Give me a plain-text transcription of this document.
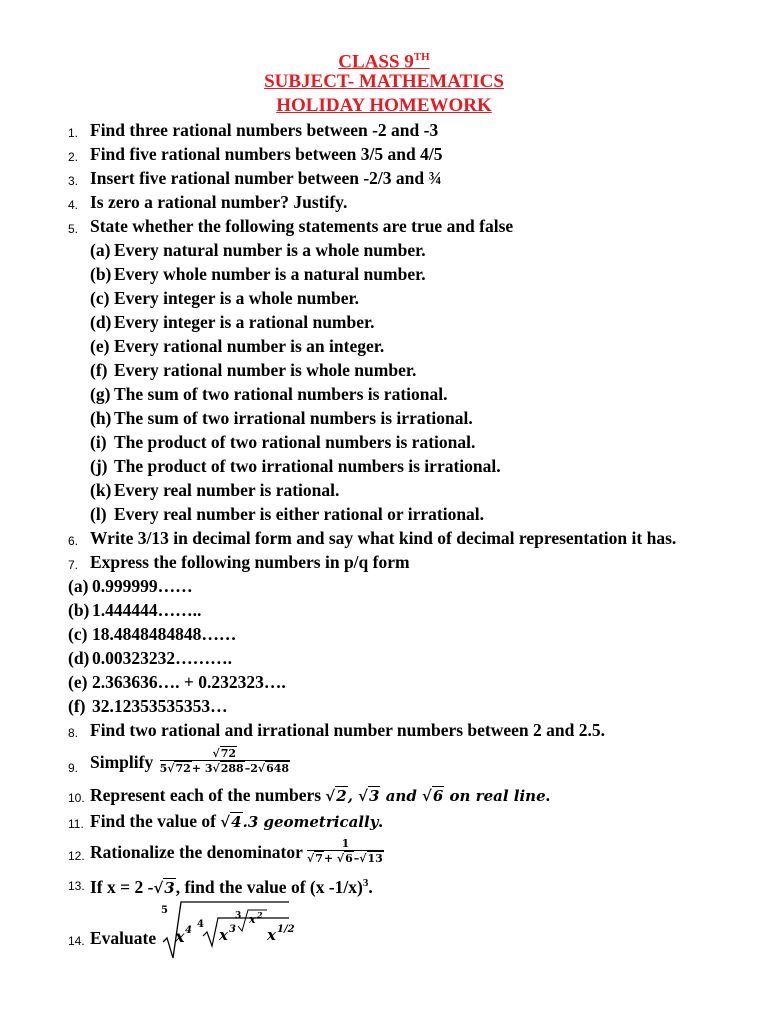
CLASS 9TH
SUBJECT- MATHEMATICS
HOLIDAY HOMEWORK
1. Find three rational numbers between -2 and -3
2. Find five rational numbers between 3/5 and 4/5
3. Insert five rational number between -2/3 and ¾
4. Is zero a rational number? Justify.
5. State whether the following statements are true and false
(a) Every natural number is a whole number.
(b) Every whole number is a natural number.
(c) Every integer is a whole number.
(d) Every integer is a rational number.
(e) Every rational number is an integer.
(f) Every rational number is whole number.
(g) The sum of two rational numbers is rational.
(h) The sum of two irrational numbers is irrational.
(i) The product of two rational numbers is rational.
(j) The product of two irrational numbers is irrational.
(k) Every real number is rational.
(l) Every real number is either rational or irrational.
6. Write 3/13 in decimal form and say what kind of decimal representation it has.
7. Express the following numbers in p/q form
(a) 0.999999……
(b) 1.444444……..
(c) 18.4848484848……
(d) 0.00323232……….
(e) 2.363636…. + 0.232323….
(f) 32.12353535353…
8. Find two rational and irrational number numbers between 2 and 2.5.
9. Simplify $\frac{√72}{5√72+ 3√288-2√648}$
10. Represent each of the numbers √2, √3 and √6 on real line.
11. Find the value of √4.3 geometrically.
12. Rationalize the denominator $\frac{1}{√7+ √6-√13}$
13. If x = 2 -√3, find the value of (x -1/x)$^3$.
14. Evaluate
5
4
3
x 4 x 3
x 2
x 1/2
